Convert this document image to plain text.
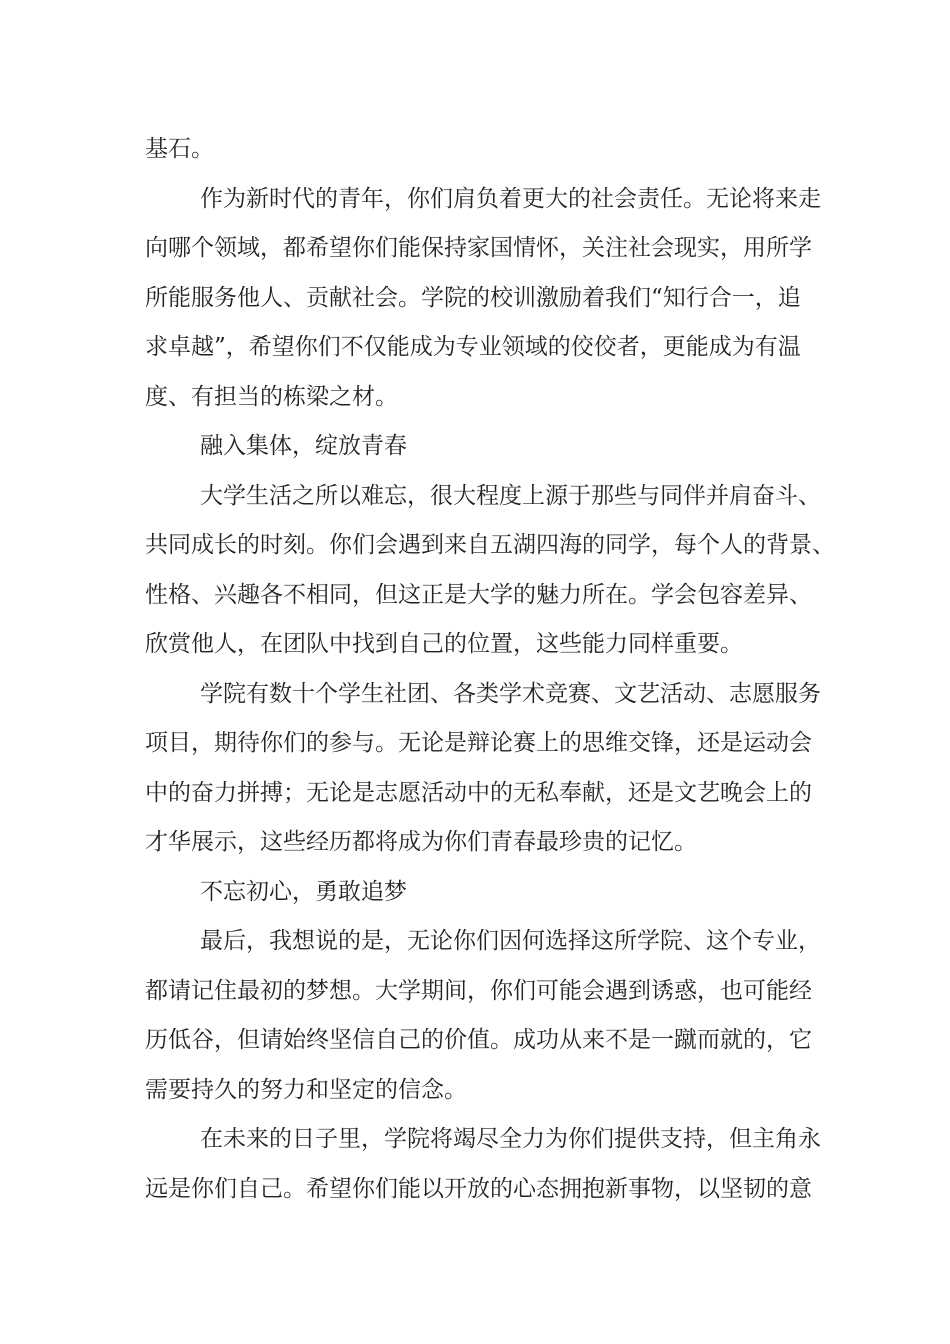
基石。
作为新时代的青年，你们肩负着更大的社会责任。无论将来走
向哪个领域，都希望你们能保持家国情怀，关注社会现实，用所学
所能服务他人、贡献社会。学院的校训激励着我们“知行合一，追
求卓越”，希望你们不仅能成为专业领域的佼佼者，更能成为有温
度、有担当的栋梁之材。
融入集体，绽放青春
大学生活之所以难忘，很大程度上源于那些与同伴并肩奋斗、
共同成长的时刻。你们会遇到来自五湖四海的同学，每个人的背景、
性格、兴趣各不相同，但这正是大学的魅力所在。学会包容差异、
欣赏他人，在团队中找到自己的位置，这些能力同样重要。
学院有数十个学生社团、各类学术竞赛、文艺活动、志愿服务
项目，期待你们的参与。无论是辩论赛上的思维交锋，还是运动会
中的奋力拼搏；无论是志愿活动中的无私奉献，还是文艺晚会上的
才华展示，这些经历都将成为你们青春最珍贵的记忆。
不忘初心，勇敢追梦
最后，我想说的是，无论你们因何选择这所学院、这个专业，
都请记住最初的梦想。大学期间，你们可能会遇到诱惑，也可能经
历低谷，但请始终坚信自己的价值。成功从来不是一蹴而就的，它
需要持久的努力和坚定的信念。
在未来的日子里，学院将竭尽全力为你们提供支持，但主角永
远是你们自己。希望你们能以开放的心态拥抱新事物，以坚韧的意
